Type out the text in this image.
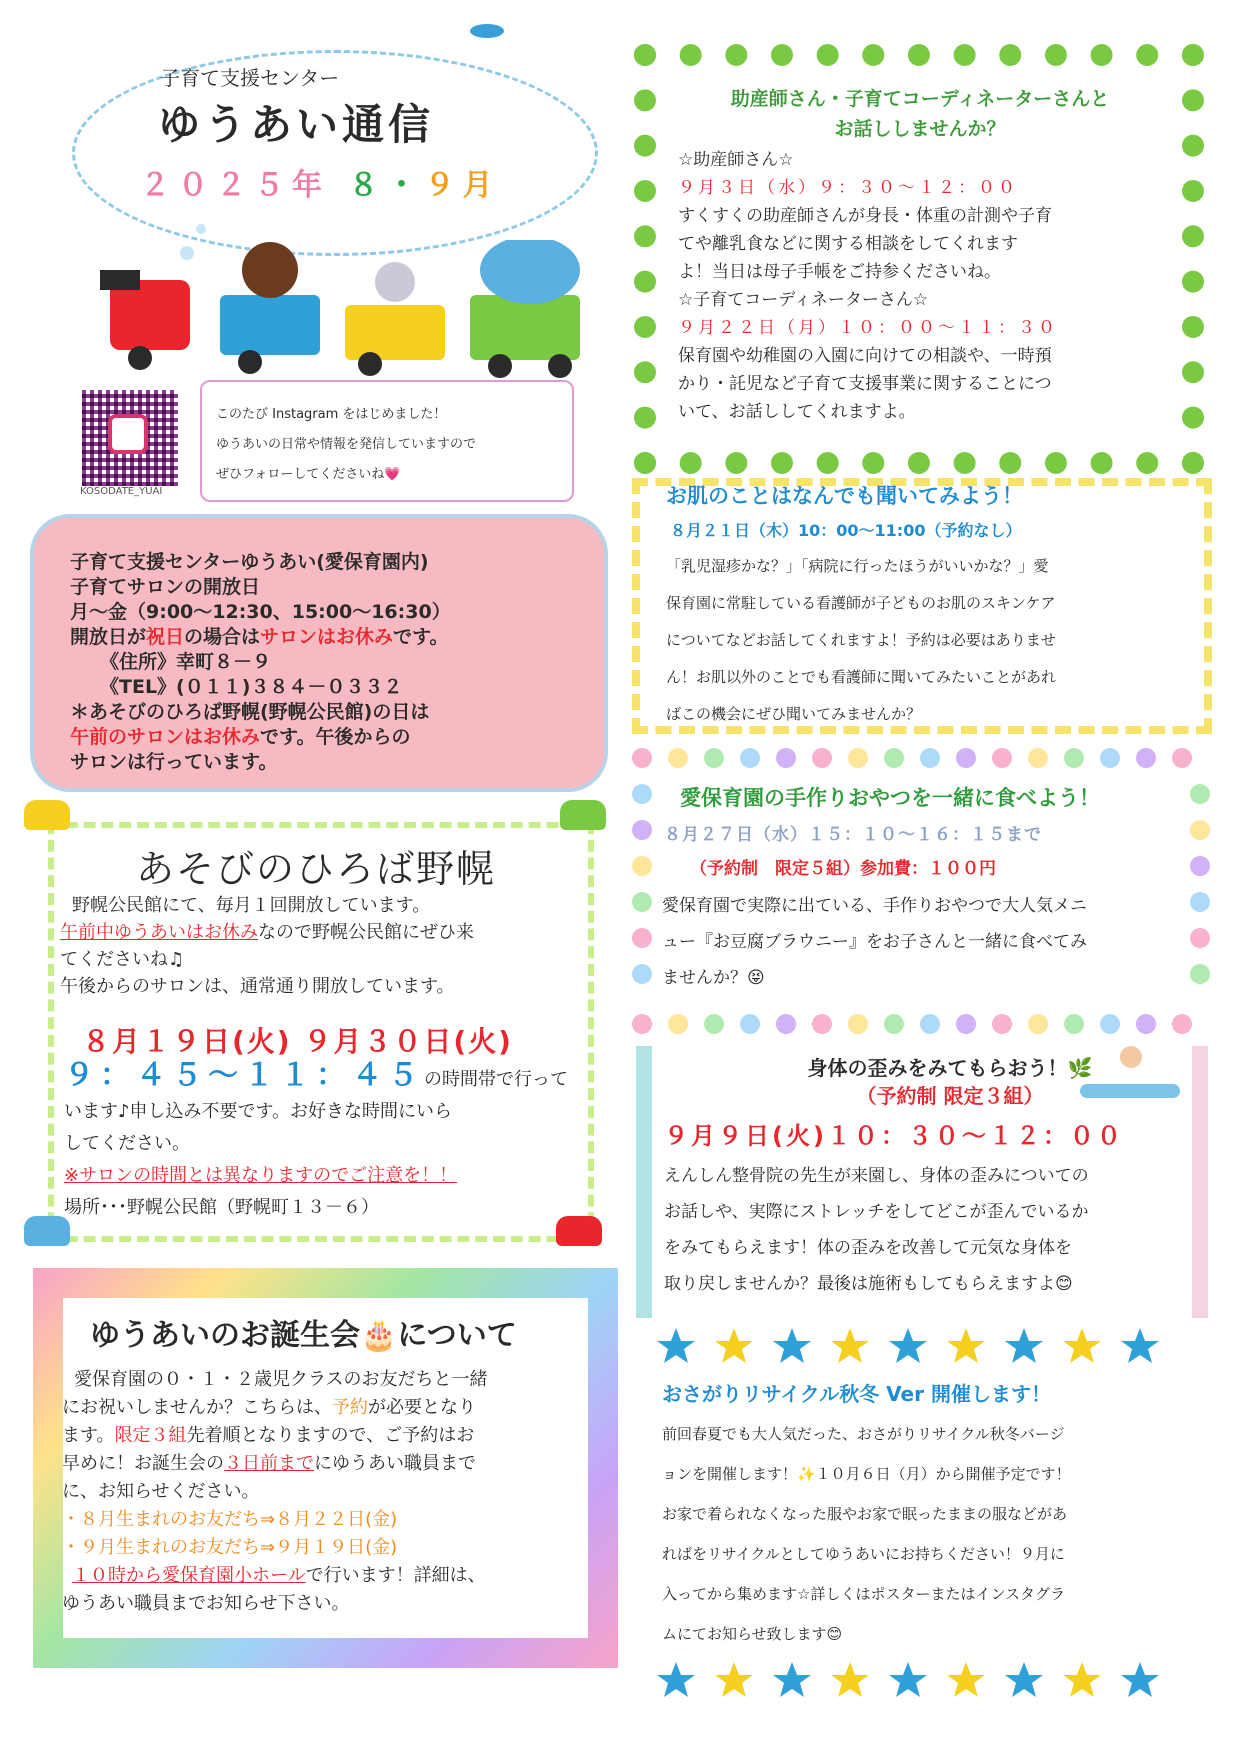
子育て支援センター
ゆうあい通信
２０２５年 ８・９月
KOSODATE_YUAI
このたび Instagram をはじめました！
ゆうあいの日常や情報を発信していますので
ぜひフォローしてくださいね💗
子育て支援センターゆうあい(愛保育園内)
子育てサロンの開放日
月～金（9:00～12:30、15:00～16:30）
開放日が祝日の場合はサロンはお休みです。
《住所》幸町８－９
《TEL》(０１１)３８４－０３３２
＊あそびのひろば野幌(野幌公民館)の日は
午前のサロンはお休みです。午後からの
サロンは行っています。
あそびのひろば野幌
野幌公民館にて、毎月１回開放しています。
午前中ゆうあいはお休みなので野幌公民館にぜひ来
てくださいね♫
午後からのサロンは、通常通り開放しています。
８月１９日(火) ９月３０日(火)
９：４５～１１：４５の時間帯で行って
います♪申し込み不要です。お好きな時間にいら
してください。
※サロンの時間とは異なりますのでご注意を！！
場所･･･野幌公民館（野幌町１３－６）
ゆうあいのお誕生会🎂について
愛保育園の０・１・２歳児クラスのお友だちと一緒
にお祝いしませんか？こちらは、予約が必要となり
ます。限定３組先着順となりますので、ご予約はお
早めに！お誕生会の３日前までにゆうあい職員まで
に、お知らせください。
・８月生まれのお友だち⇒８月２２日(金)
・９月生まれのお友だち⇒９月１９日(金)
１０時から愛保育園小ホールで行います！詳細は、
ゆうあい職員までお知らせ下さい。
助産師さん・子育てコーディネーターさんと
お話ししませんか？
☆助産師さん☆
９月３日（水）９：３０～１２：００
すくすくの助産師さんが身長・体重の計測や子育
てや離乳食などに関する相談をしてくれます
よ！当日は母子手帳をご持参くださいね。
☆子育てコーディネーターさん☆
９月２２日（月）１０：００～１１：３０
保育園や幼稚園の入園に向けての相談や、一時預
かり・託児など子育て支援事業に関することにつ
いて、お話ししてくれますよ。
お肌のことはなんでも聞いてみよう！
８月２１日（木）10：00～11:00（予約なし）
「乳児湿疹かな？」「病院に行ったほうがいいかな？」愛
保育園に常駐している看護師が子どものお肌のスキンケア
についてなどお話してくれますよ！予約は必要はありませ
ん！お肌以外のことでも看護師に聞いてみたいことがあれ
ばこの機会にぜひ聞いてみませんか？
愛保育園の手作りおやつを一緒に食べよう！
８月２７日（水）１５：１０～１６：１５まで
（予約制　限定５組）参加費：１００円
愛保育園で実際に出ている、手作りおやつで大人気メニ
ュー『お豆腐ブラウニー』をお子さんと一緒に食べてみ
ませんか？😝
身体の歪みをみてもらおう！🌿
（予約制 限定３組）
９月９日(火)１０：３０～１２：００
えんしん整骨院の先生が来園し、身体の歪みについての
お話しや、実際にストレッチをしてどこが歪んでいるか
をみてもらえます！体の歪みを改善して元気な身体を
取り戻しませんか？最後は施術もしてもらえますよ😊
おさがりリサイクル秋冬 Ver 開催します！
前回春夏でも大人気だった、おさがりリサイクル秋冬バージ
ョンを開催します！✨１０月６日（月）から開催予定です！
お家で着られなくなった服やお家で眠ったままの服などがあ
ればをリサイクルとしてゆうあいにお持ちください！９月に
入ってから集めます☆詳しくはポスターまたはインスタグラ
ムにてお知らせ致します😊
